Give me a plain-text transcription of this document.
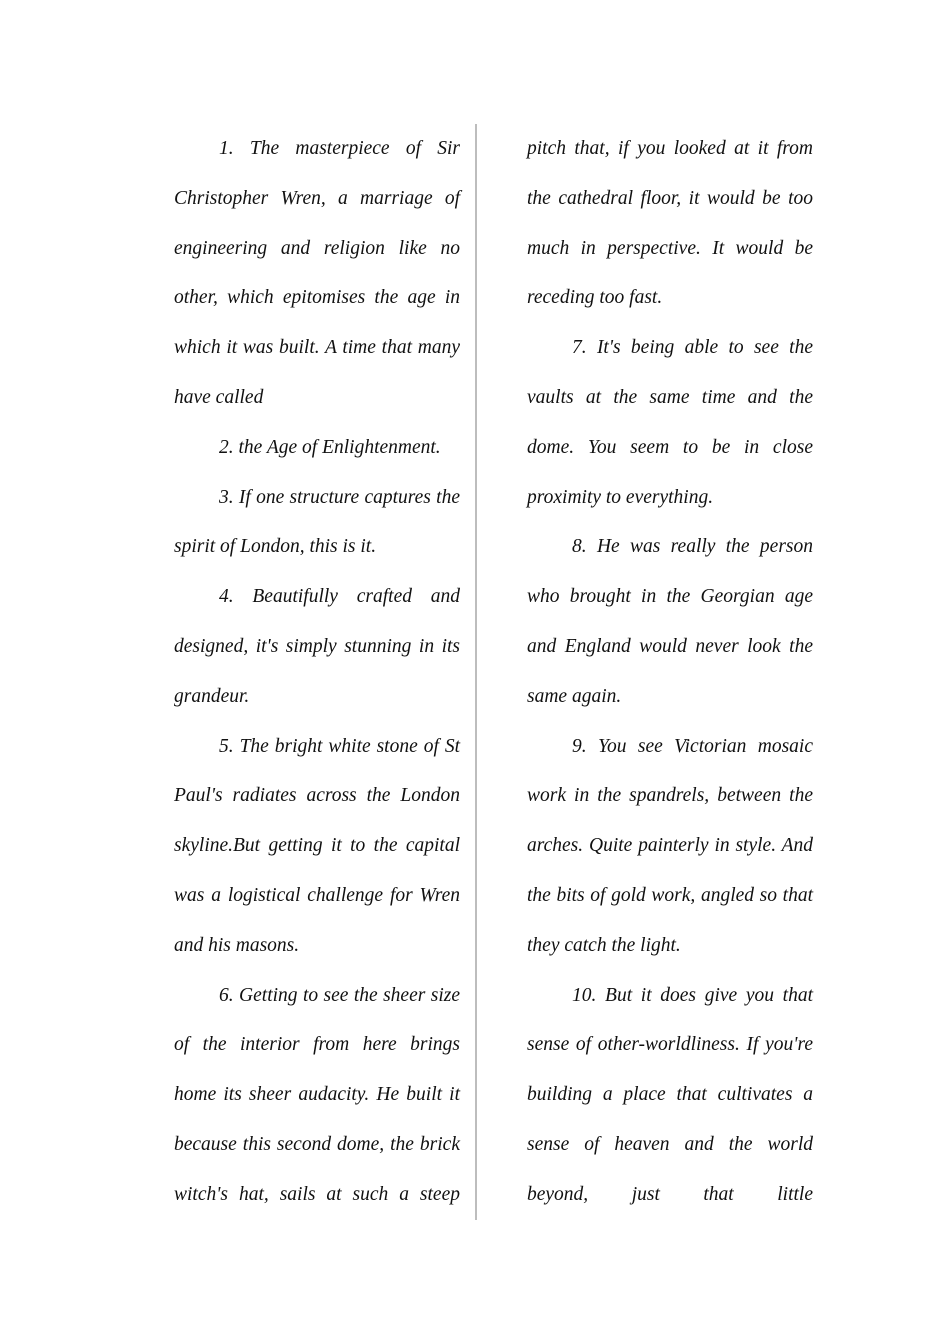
1. The masterpiece of Sir Christopher Wren, a marriage of engineering and religion like no other, which epitomises the age in which it was built. A time that many have called

2. the Age of Enlightenment.

3. If one structure captures the spirit of London, this is it.

4. Beautifully crafted and designed, it's simply stunning in its grandeur.

5. The bright white stone of St Paul's radiates across the London skyline.But getting it to the capital was a logistical challenge for Wren and his masons.

6. Getting to see the sheer size of the interior from here brings home its sheer audacity. He built it because this second dome, the brick witch's hat, sails at such a steep

pitch that, if you looked at it from the cathedral floor, it would be too much in perspective. It would be receding too fast.

7. It's being able to see the vaults at the same time and the dome. You seem to be in close proximity to everything.

8. He was really the person who brought in the Georgian age and England would never look the same again.

9. You see Victorian mosaic work in the spandrels, between the arches. Quite painterly in style. And the bits of gold work, angled so that they catch the light.

10. But it does give you that sense of other-worldliness. If you're building a place that cultivates a sense of heaven and the world beyond, just that little
